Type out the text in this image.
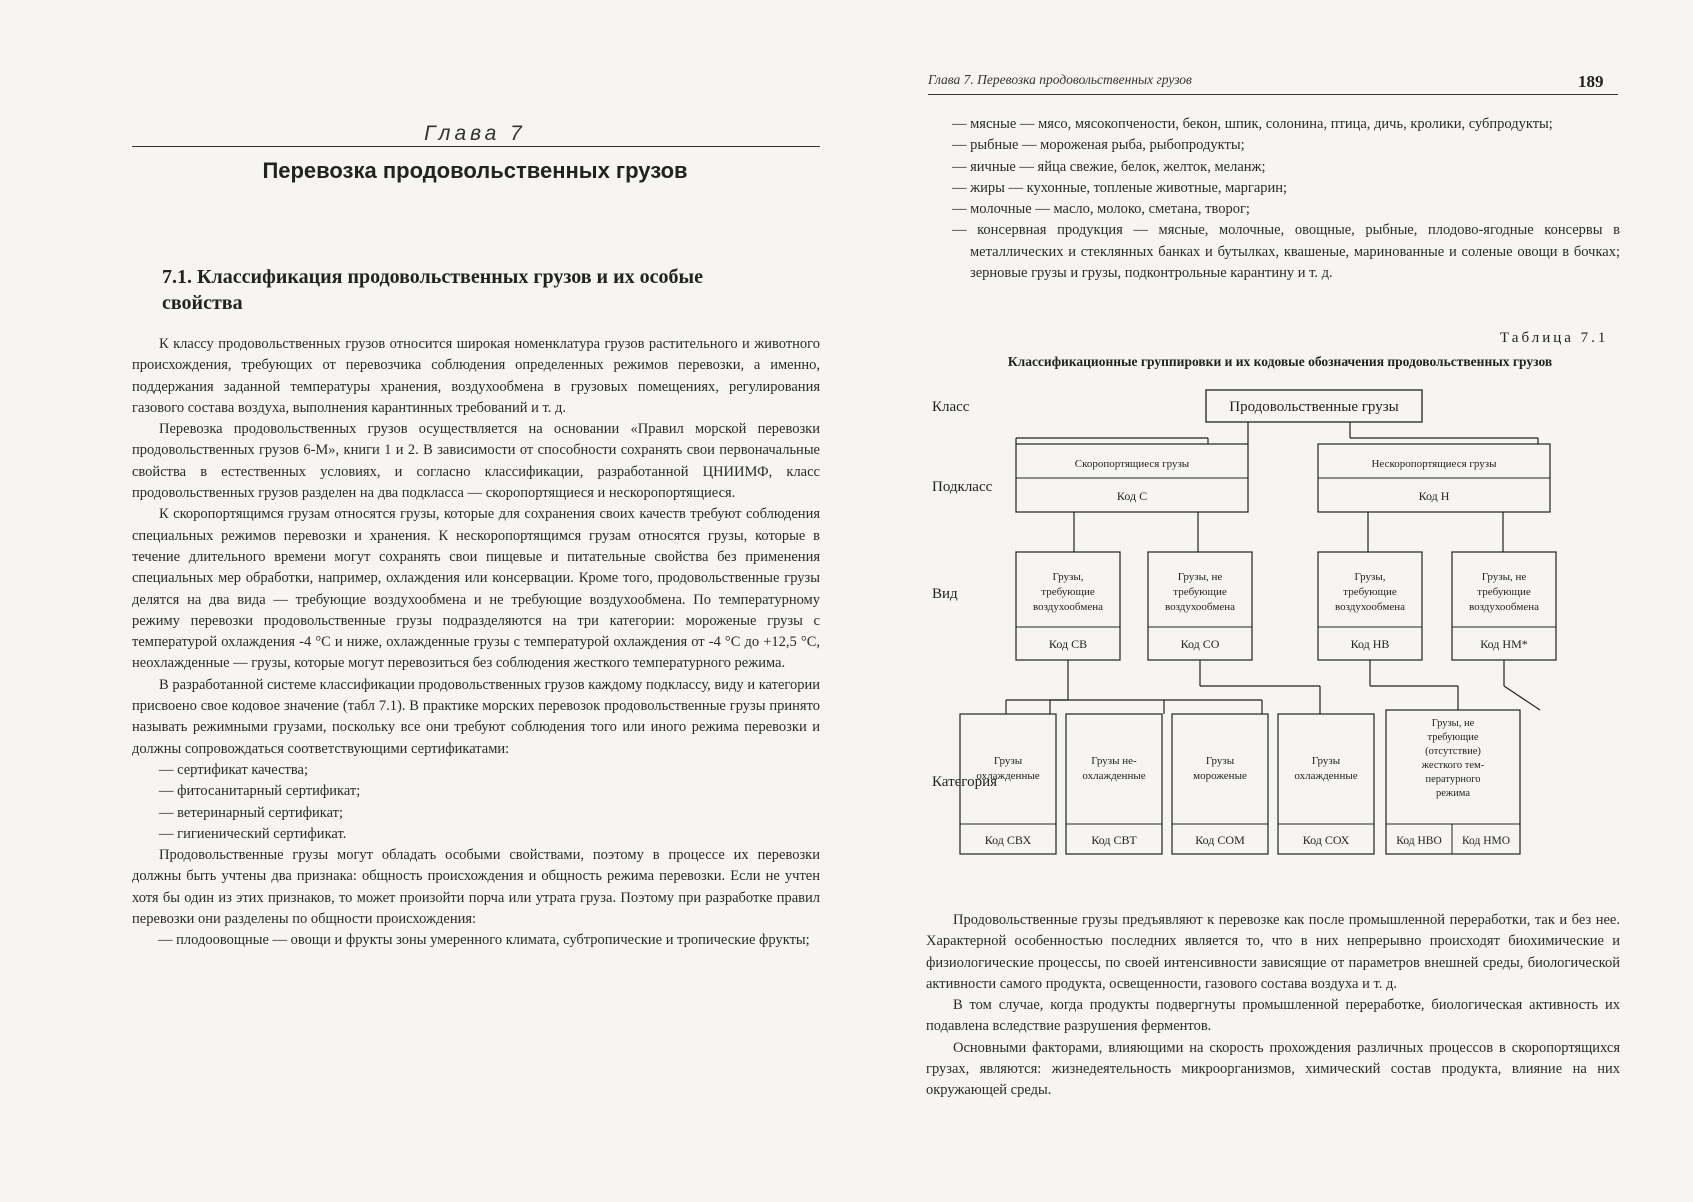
Глава 7
Перевозка продовольственных грузов
7.1. Классификация продовольственных грузов и их особые свойства

К классу продовольственных грузов относится широкая номенклатура грузов растительного и животного происхождения, требующих от перевозчика соблюдения определенных режимов перевозки, а именно, поддержания заданной температуры хранения, воздухообмена в грузовых помещениях, регулирования газового состава воздуха, выполнения карантинных требований и т. д.

Перевозка продовольственных грузов осуществляется на основании «Правил морской перевозки продовольственных грузов 6-М», книги 1 и 2. В зависимости от способности сохранять свои первоначальные свойства в естественных условиях, и согласно классификации, разработанной ЦНИИМФ, класс продовольственных грузов разделен на два подкласса — скоропортящиеся и нескоропортящиеся.

К скоропортящимся грузам относятся грузы, которые для сохранения своих качеств требуют соблюдения специальных режимов перевозки и хранения. К нескоропортящимся грузам относятся грузы, которые в течение длительного времени могут сохранять свои пищевые и питательные свойства без применения специальных мер обработки, например, охлаждения или консервации. Кроме того, продовольственные грузы делятся на два вида — требующие воздухообмена и не требующие воздухообмена. По температурному режиму перевозки продовольственные грузы подразделяются на три категории: мороженые грузы с температурой охлаждения -4 °С и ниже, охлажденные грузы с температурой охлаждения от -4 °С до +12,5 °С, неохлажденные — грузы, которые могут перевозиться без соблюдения жесткого температурного режима.

В разработанной системе классификации продовольственных грузов каждому подклассу, виду и категории присвоено свое кодовое значение (табл 7.1). В практике морских перевозок продовольственные грузы принято называть режимными грузами, поскольку все они требуют соблюдения того или иного режима перевозки и должны сопровождаться соответствующими сертификатами:

— сертификат качества;

— фитосанитарный сертификат;

— ветеринарный сертификат;

— гигиенический сертификат.

Продовольственные грузы могут обладать особыми свойствами, поэтому в процессе их перевозки должны быть учтены два признака: общность происхождения и общность режима перевозки. Если не учтен хотя бы один из этих признаков, то может произойти порча или утрата груза. Поэтому при разработке правил перевозки они разделены по общности происхождения:

— плодоовощные — овощи и фрукты зоны умеренного климата, субтропические и тропические фрукты;

Глава 7. Перевозка продовольственных грузов	189

— мясные — мясо, мясокопчености, бекон, шпик, солонина, птица, дичь, кролики, субпродукты;

— рыбные — мороженая рыба, рыбопродукты;

— яичные — яйца свежие, белок, желток, меланж;

— жиры — кухонные, топленые животные, маргарин;

— молочные — масло, молоко, сметана, творог;

— консервная продукция — мясные, молочные, овощные, рыбные, плодово-ягодные консервы в металлических и стеклянных банках и бутылках, квашеные, маринованные и соленые овощи в бочках; зерновые грузы и грузы, подконтрольные карантину и т. д.

Таблица 7.1
Классификационные группировки и их кодовые обозначения продовольственных грузов
Класс
Подкласс
Вид
Категория
Продовольственные грузы
Скоропортящиеся грузы
Код С
Нескоропортящиеся грузы
Код Н
Грузы,
требующие
воздухообмена
Код СВ
Грузы, не
требующие
воздухообмена
Код СО
Грузы,
требующие
воздухообмена
Код НВ
Грузы, не
требующие
воздухообмена
Код НМ*
Грузы
охлажденные
Код СВХ
Грузы не-
охлажденные
Код СВТ
Грузы
мороженые
Код СОМ
Грузы
охлажденные
Код СОХ
Грузы, не
требующие
(отсутствие)
жесткого тем-
пературного
режима
Код НВО Код НМО

Продовольственные грузы предъявляют к перевозке как после промышленной переработки, так и без нее. Характерной особенностью последних является то, что в них непрерывно происходят биохимические и физиологические процессы, по своей интенсивности зависящие от параметров внешней среды, биологической активности самого продукта, освещенности, газового состава воздуха и т. д.

В том случае, когда продукты подвергнуты промышленной переработке, биологическая активность их подавлена вследствие разрушения ферментов.

Основными факторами, влияющими на скорость прохождения различных процессов в скоропортящихся грузах, являются: жизнедеятельность микроорганизмов, химический состав продукта, влияние на них окружающей среды.
